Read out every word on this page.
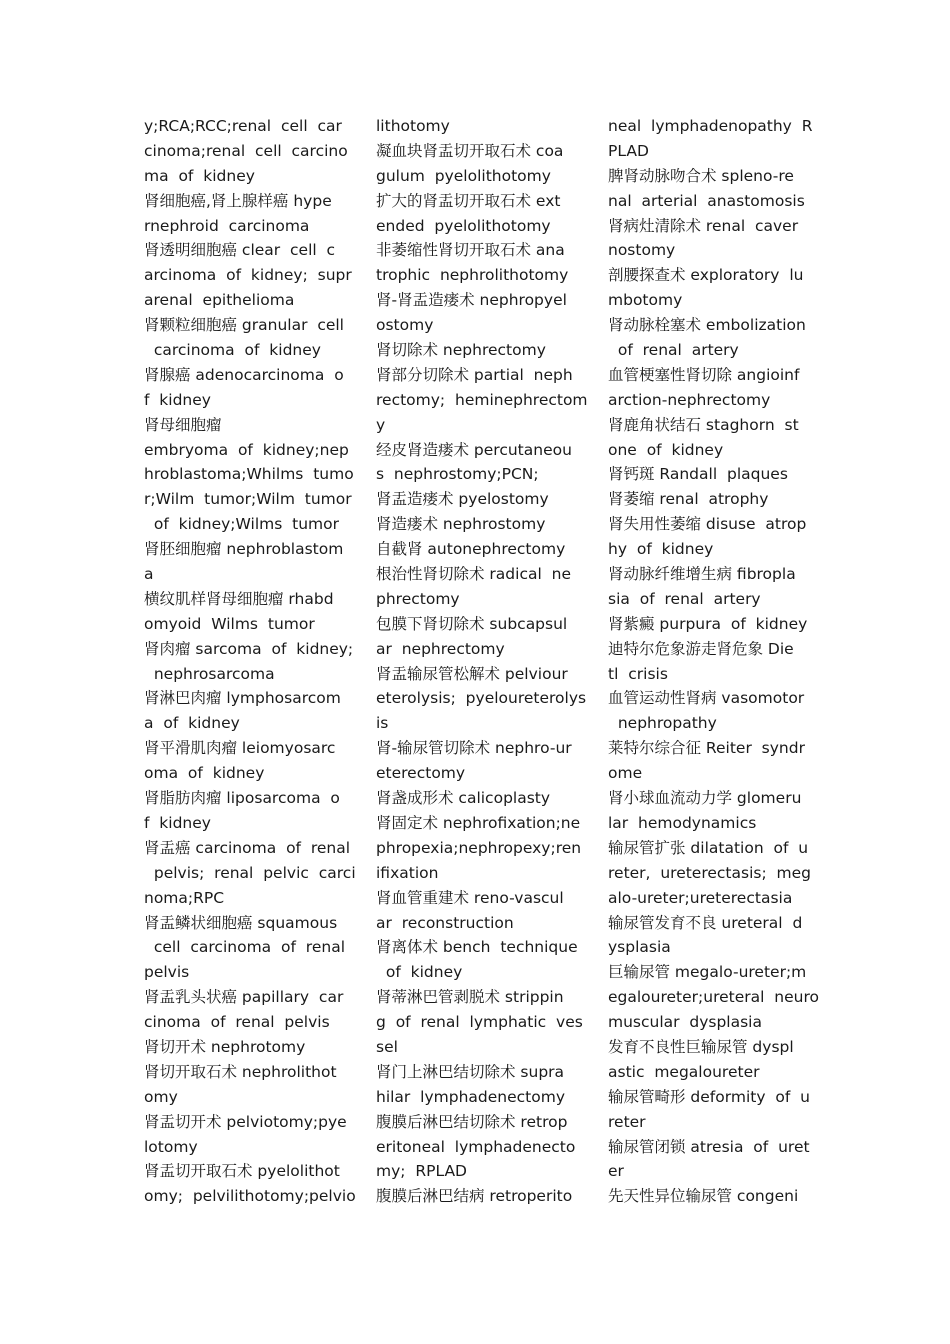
y;RCA;RCC;renal  cell  car
cinoma;renal  cell  carcino
ma  of  kidney
肾细胞癌,肾上腺样癌 hype
rnephroid  carcinoma
肾透明细胞癌 clear  cell  c
arcinoma  of  kidney;  supr
arenal  epithelioma
肾颗粒细胞癌 granular  cell
carcinoma  of  kidney
肾腺癌 adenocarcinoma  o
f  kidney
肾母细胞瘤
embryoma  of  kidney;nep
hroblastoma;Whilms  tumo
r;Wilm  tumor;Wilm  tumor
of  kidney;Wilms  tumor
肾胚细胞瘤 nephroblastom
a
横纹肌样肾母细胞瘤 rhabd
omyoid  Wilms  tumor
肾肉瘤 sarcoma  of  kidney;
nephrosarcoma
肾淋巴肉瘤 lymphosarcom
a  of  kidney
肾平滑肌肉瘤 leiomyosarc
oma  of  kidney
肾脂肪肉瘤 liposarcoma  o
f  kidney
肾盂癌 carcinoma  of  renal
pelvis;  renal  pelvic  carci
noma;RPC
肾盂鳞状细胞癌 squamous
cell  carcinoma  of  renal
pelvis
肾盂乳头状癌 papillary  car
cinoma  of  renal  pelvis
肾切开术 nephrotomy
肾切开取石术 nephrolithot
omy
肾盂切开术 pelviotomy;pye
lotomy
肾盂切开取石术 pyelolithot
omy;  pelvilithotomy;pelvio
lithotomy
凝血块肾盂切开取石术 coa
gulum  pyelolithotomy
扩大的肾盂切开取石术 ext
ended  pyelolithotomy
非萎缩性肾切开取石术 ana
trophic  nephrolithotomy
肾-肾盂造瘘术 nephropyel
ostomy
肾切除术 nephrectomy
肾部分切除术 partial  neph
rectomy;  heminephrectom
y
经皮肾造瘘术 percutaneou
s  nephrostomy;PCN;
肾盂造瘘术 pyelostomy
肾造瘘术 nephrostomy
自截肾 autonephrectomy
根治性肾切除术 radical  ne
phrectomy
包膜下肾切除术 subcapsul
ar  nephrectomy
肾盂输尿管松解术 pelviour
eterolysis;  pyeloureterolys
is
肾-输尿管切除术 nephro-ur
eterectomy
肾盏成形术 calicoplasty
肾固定术 nephrofixation;ne
phropexia;nephropexy;ren
ifixation
肾血管重建术 reno-vascul
ar  reconstruction
肾离体术 bench  technique
of  kidney
肾蒂淋巴管剥脱术 strippin
g  of  renal  lymphatic  ves
sel
肾门上淋巴结切除术 supra
hilar  lymphadenectomy
腹膜后淋巴结切除术 retrop
eritoneal  lymphadenecto
my;  RPLAD
腹膜后淋巴结病 retroperito
neal  lymphadenopathy  R
PLAD
脾肾动脉吻合术 spleno-re
nal  arterial  anastomosis
肾病灶清除术 renal  caver
nostomy
剖腰探查术 exploratory  lu
mbotomy
肾动脉栓塞术 embolization
of  renal  artery
血管梗塞性肾切除 angioinf
arction-nephrectomy
肾鹿角状结石 staghorn  st
one  of  kidney
肾钙斑 Randall  plaques
肾萎缩 renal  atrophy
肾失用性萎缩 disuse  atrop
hy  of  kidney
肾动脉纤维增生病 fibropla
sia  of  renal  artery
肾紫癜 purpura  of  kidney
迪特尔危象游走肾危象 Die
tl  crisis
血管运动性肾病 vasomotor
nephropathy
莱特尔综合征 Reiter  syndr
ome
肾小球血流动力学 glomeru
lar  hemodynamics
输尿管扩张 dilatation  of  u
reter,  ureterectasis;  meg
alo-ureter;ureterectasia
输尿管发育不良 ureteral  d
ysplasia
巨输尿管 megalo-ureter;m
egaloureter;ureteral  neuro
muscular  dysplasia
发育不良性巨输尿管 dyspl
astic  megaloureter
输尿管畸形 deformity  of  u
reter
输尿管闭锁 atresia  of  uret
er
先天性异位输尿管 congeni
